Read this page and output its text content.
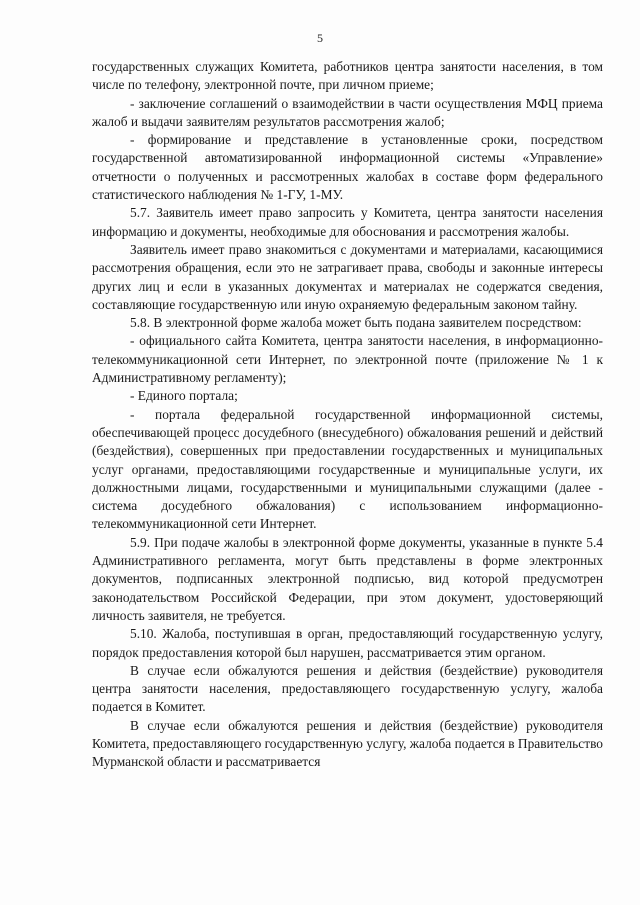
5

государственных служащих Комитета, работников центра занятости населения, в том числе по телефону, электронной почте, при личном приеме;

- заключение соглашений о взаимодействии в части осуществления МФЦ приема жалоб и выдачи заявителям результатов рассмотрения жалоб;

- формирование и представление в установленные сроки, посредством государственной автоматизированной информационной системы «Управление» отчетности о полученных и рассмотренных жалобах в составе форм федерального статистического наблюдения № 1-ГУ, 1-МУ.

5.7. Заявитель имеет право запросить у Комитета, центра занятости населения информацию и документы, необходимые для обоснования и рассмотрения жалобы.

Заявитель имеет право знакомиться с документами и материалами, касающимися рассмотрения обращения, если это не затрагивает права, свободы и законные интересы других лиц и если в указанных документах и материалах не содержатся сведения, составляющие государственную или иную охраняемую федеральным законом тайну.

5.8. В электронной форме жалоба может быть подана заявителем посредством:

- официального сайта Комитета, центра занятости населения, в информационно-телекоммуникационной сети Интернет, по электронной почте (приложение № 1 к Административному регламенту);

- Единого портала;

- портала федеральной государственной информационной системы, обеспечивающей процесс досудебного (внесудебного) обжалования решений и действий (бездействия), совершенных при предоставлении государственных и муниципальных услуг органами, предоставляющими государственные и муниципальные услуги, их должностными лицами, государственными и муниципальными служащими (далее - система досудебного обжалования) с использованием информационно-телекоммуникационной сети Интернет.

5.9. При подаче жалобы в электронной форме документы, указанные в пункте 5.4 Административного регламента, могут быть представлены в форме электронных документов, подписанных электронной подписью, вид которой предусмотрен законодательством Российской Федерации, при этом документ, удостоверяющий личность заявителя, не требуется.

5.10. Жалоба, поступившая в орган, предоставляющий государственную услугу, порядок предоставления которой был нарушен, рассматривается этим органом.

В случае если обжалуются решения и действия (бездействие) руководителя центра занятости населения, предоставляющего государственную услугу, жалоба подается в Комитет.

В случае если обжалуются решения и действия (бездействие) руководителя Комитета, предоставляющего государственную услугу, жалоба подается в Правительство Мурманской области и рассматривается
